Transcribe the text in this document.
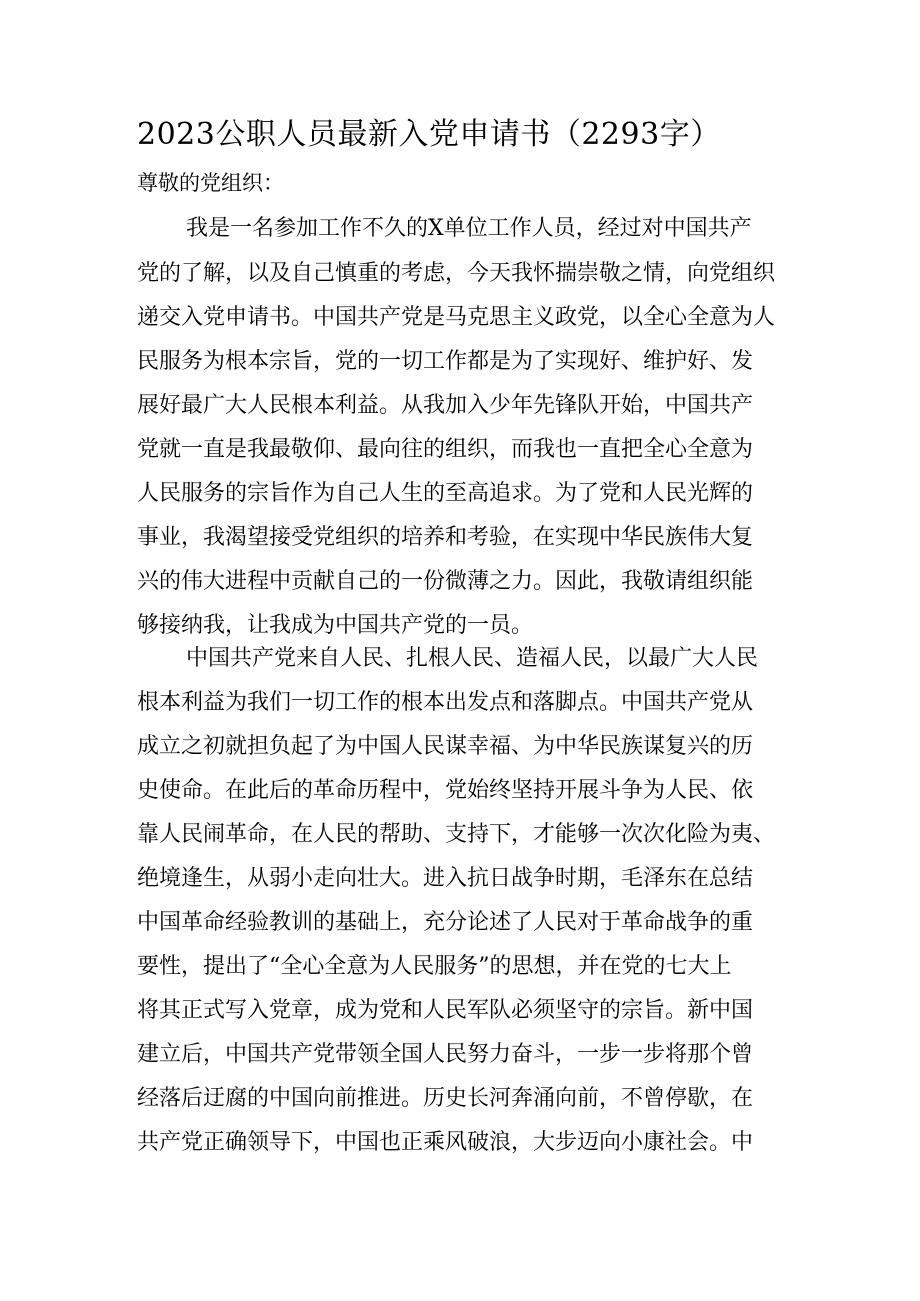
2023公职人员最新入党申请书（2293字）

尊敬的党组织：

我是一名参加工作不久的X单位工作人员，经过对中国共产

党的了解，以及自己慎重的考虑，今天我怀揣崇敬之情，向党组织

递交入党申请书。中国共产党是马克思主义政党，以全心全意为人

民服务为根本宗旨，党的一切工作都是为了实现好、维护好、发

展好最广大人民根本利益。从我加入少年先锋队开始，中国共产

党就一直是我最敬仰、最向往的组织，而我也一直把全心全意为

人民服务的宗旨作为自己人生的至高追求。为了党和人民光辉的

事业，我渴望接受党组织的培养和考验，在实现中华民族伟大复

兴的伟大进程中贡献自己的一份微薄之力。因此，我敬请组织能

够接纳我，让我成为中国共产党的一员。

中国共产党来自人民、扎根人民、造福人民，以最广大人民

根本利益为我们一切工作的根本出发点和落脚点。中国共产党从

成立之初就担负起了为中国人民谋幸福、为中华民族谋复兴的历

史使命。在此后的革命历程中，党始终坚持开展斗争为人民、依

靠人民闹革命，在人民的帮助、支持下，才能够一次次化险为夷、

绝境逢生，从弱小走向壮大。进入抗日战争时期，毛泽东在总结

中国革命经验教训的基础上，充分论述了人民对于革命战争的重

要性，提出了“全心全意为人民服务”的思想，并在党的七大上

将其正式写入党章，成为党和人民军队必须坚守的宗旨。新中国

建立后，中国共产党带领全国人民努力奋斗，一步一步将那个曾

经落后迂腐的中国向前推进。历史长河奔涌向前，不曾停歇，在

共产党正确领导下，中国也正乘风破浪，大步迈向小康社会。中
